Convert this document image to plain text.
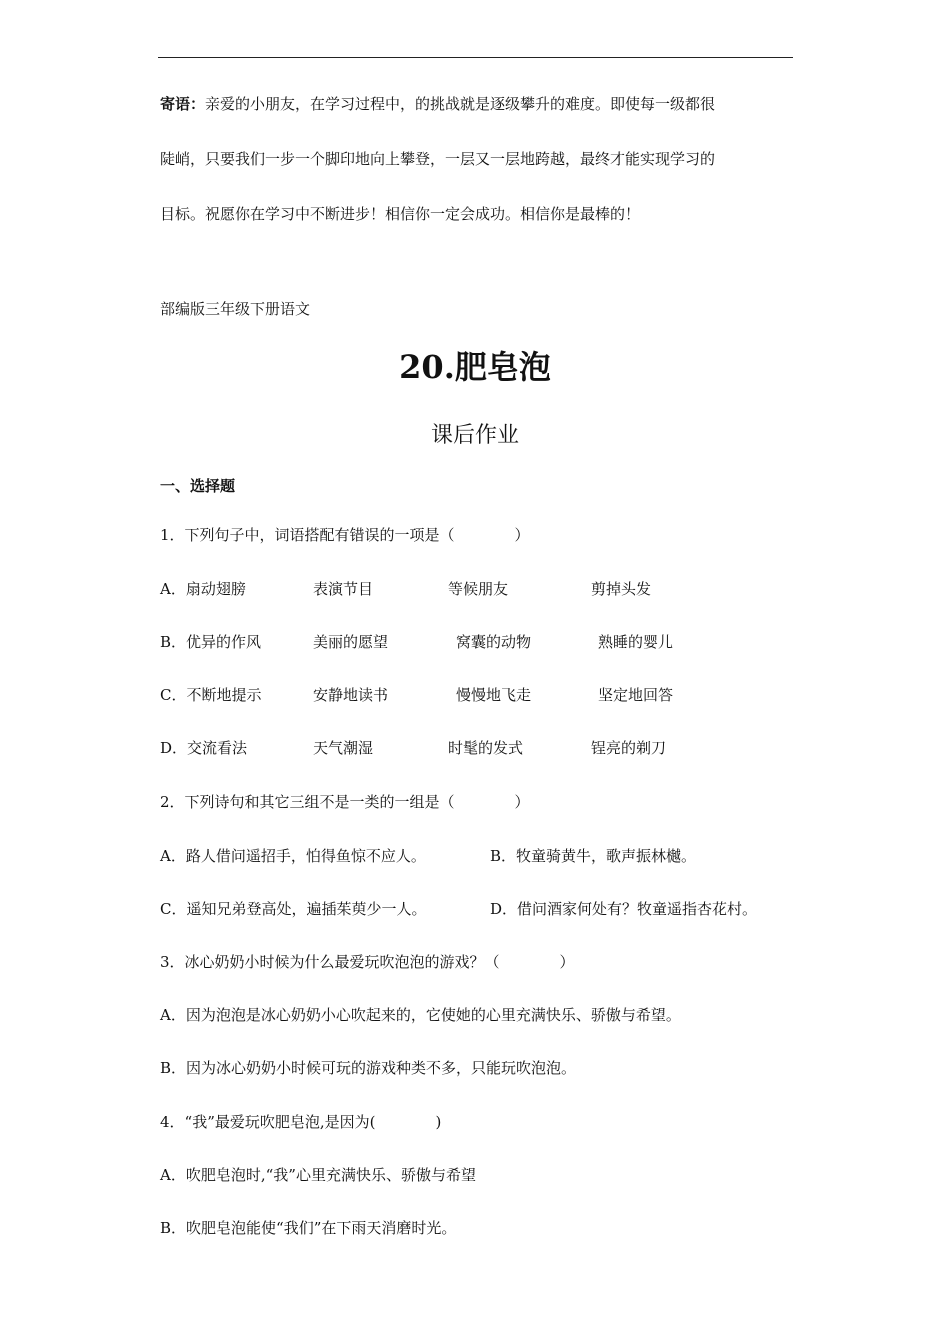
寄语：亲爱的小朋友，在学习过程中，的挑战就是逐级攀升的难度。即使每一级都很
陡峭，只要我们一步一个脚印地向上攀登，一层又一层地跨越，最终才能实现学习的
目标。祝愿你在学习中不断进步！相信你一定会成功。相信你是最棒的！
部编版三年级下册语文
20.肥皂泡
课后作业
一、选择题
1．下列句子中，词语搭配有错误的一项是（　　　　）
A．扇动翅膀	表演节目	等候朋友	剪掉头发
B．优异的作风	美丽的愿望	窝囊的动物	熟睡的婴儿
C．不断地提示	安静地读书	慢慢地飞走	坚定地回答
D．交流看法	天气潮湿	时髦的发式	锃亮的剃刀
2．下列诗句和其它三组不是一类的一组是（　　　　）
A．路人借问遥招手，怕得鱼惊不应人。	B．牧童骑黄牛，歌声振林樾。
C．遥知兄弟登高处，遍插茱萸少一人。	D．借问酒家何处有？牧童遥指杏花村。
3．冰心奶奶小时候为什么最爱玩吹泡泡的游戏？（　　　　）
A．因为泡泡是冰心奶奶小心吹起来的，它使她的心里充满快乐、骄傲与希望。
B．因为冰心奶奶小时候可玩的游戏种类不多，只能玩吹泡泡。
4．“我”最爱玩吹肥皂泡,是因为(　　　　)
A．吹肥皂泡时,“我”心里充满快乐、骄傲与希望
B．吹肥皂泡能使“我们”在下雨天消磨时光。
